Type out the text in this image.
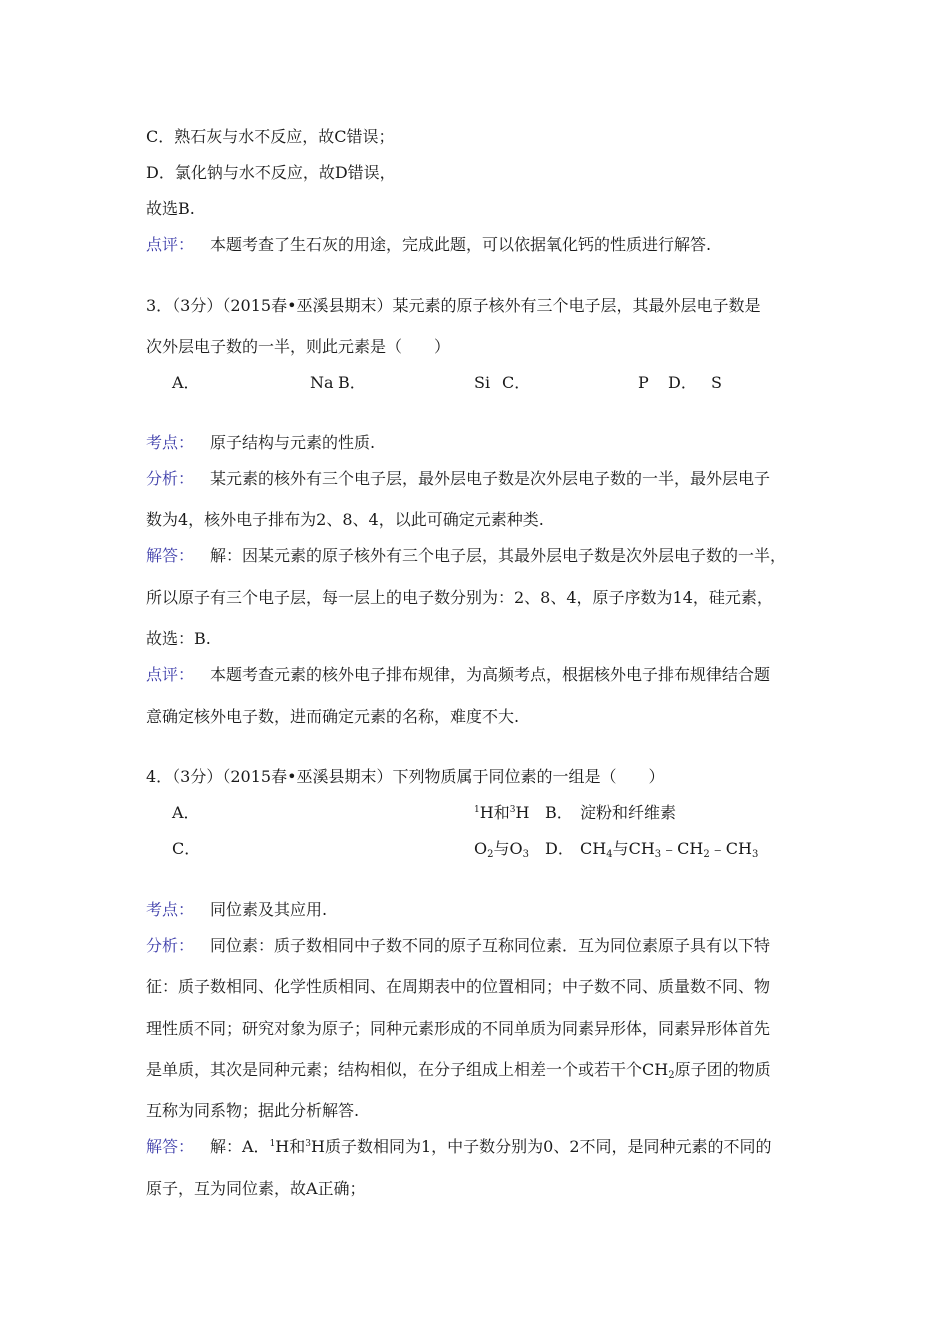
C．熟石灰与水不反应，故C错误；
D．氯化钠与水不反应，故D错误，
故选B.
点评： 本题考查了生石灰的用途，完成此题，可以依据氧化钙的性质进行解答.
3．（3分）（2015春•巫溪县期末）某元素的原子核外有三个电子层，其最外层电子数是
次外层电子数的一半，则此元素是（　　）
A．	Na B．	Si C．	P D． S
考点： 原子结构与元素的性质.
分析： 某元素的核外有三个电子层，最外层电子数是次外层电子数的一半，最外层电子
数为4，核外电子排布为2、8、4，以此可确定元素种类.
解答： 解：因某元素的原子核外有三个电子层，其最外层电子数是次外层电子数的一半，
所以原子有三个电子层，每一层上的电子数分别为：2、8、4，原子序数为14，硅元素，
故选：B.
点评： 本题考查元素的核外电子排布规律，为高频考点，根据核外电子排布规律结合题
意确定核外电子数，进而确定元素的名称，难度不大.
4．（3分）（2015春•巫溪县期末）下列物质属于同位素的一组是（　　）
A．	$^1$H和$^3$H B． 淀粉和纤维素
C．	$O_2$与$O_3$ D． $CH_4$与$CH_3﹣CH_2﹣CH_3$
考点： 同位素及其应用.
分析： 同位素：质子数相同中子数不同的原子互称同位素．互为同位素原子具有以下特
征：质子数相同、化学性质相同、在周期表中的位置相同；中子数不同、质量数不同、物
理性质不同；研究对象为原子；同种元素形成的不同单质为同素异形体，同素异形体首先
是单质，其次是同种元素；结构相似，在分子组成上相差一个或若干个$CH_2$原子团的物质
互称为同系物；据此分析解答.
解答： 解：A．$^1$H和$^3$H质子数相同为1，中子数分别为0、2不同，是同种元素的不同的
原子，互为同位素，故A正确；
